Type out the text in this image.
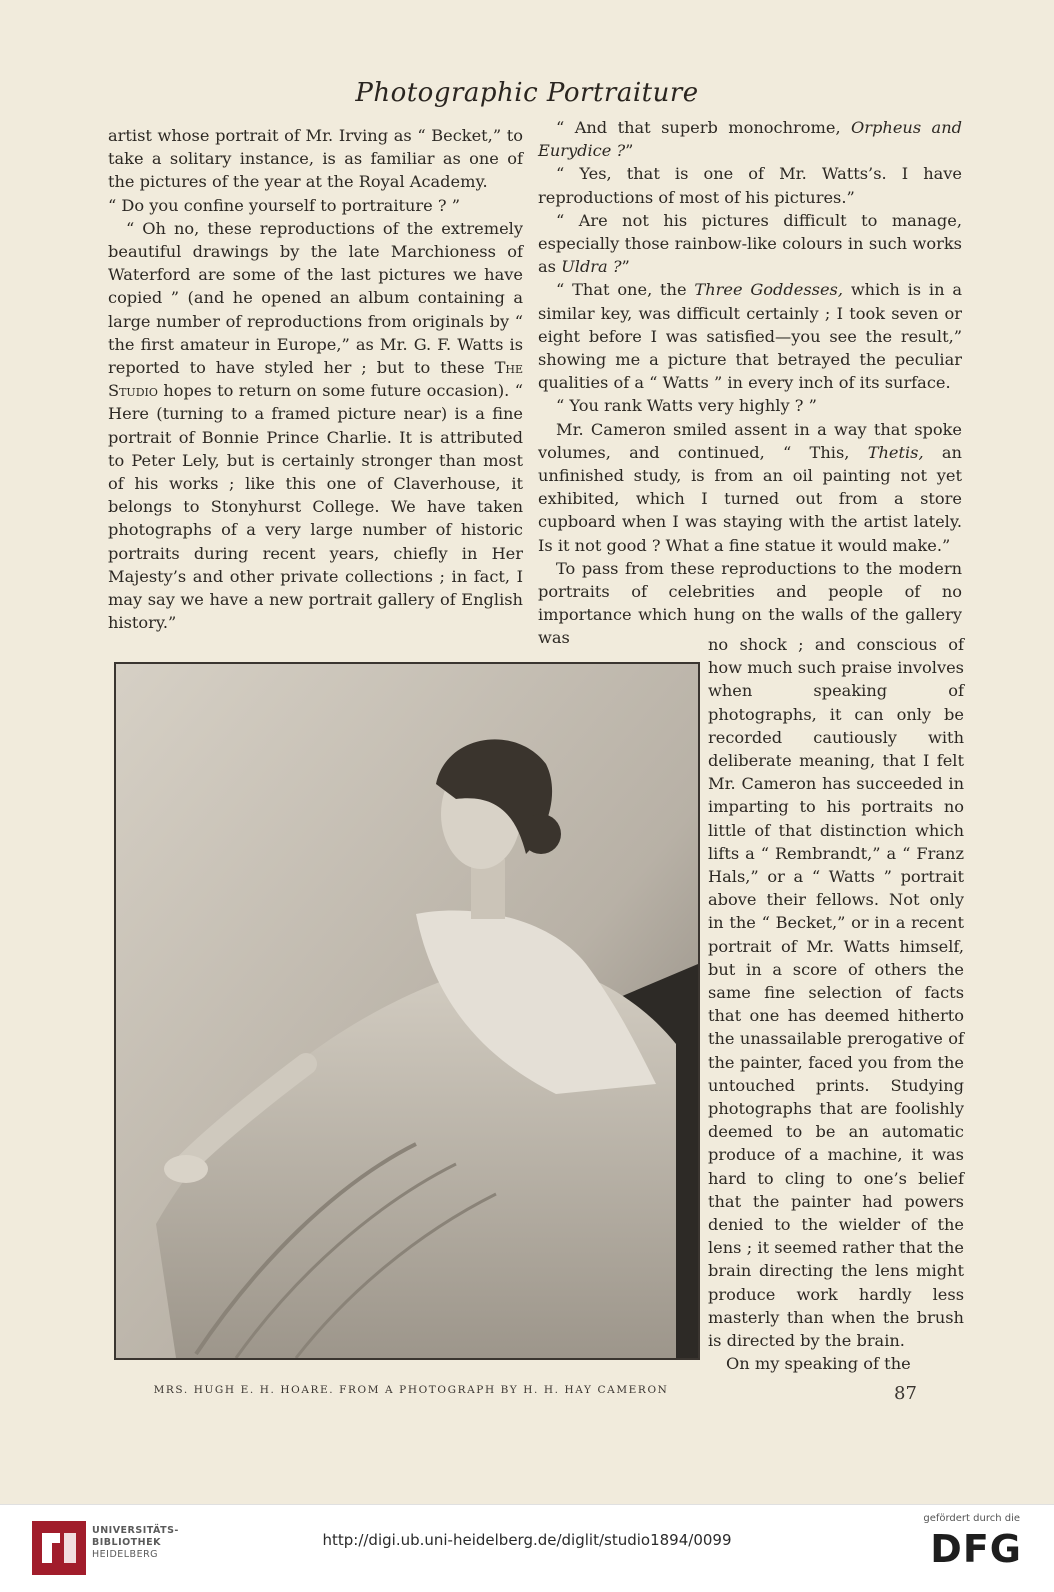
Photographic Portraiture

artist whose portrait of Mr. Irving as “ Becket,” to take a solitary instance, is as familiar as one of the pictures of the year at the Royal Academy.

“ Do you confine yourself to portraiture ? ”

“ Oh no, these reproductions of the extremely beautiful drawings by the late Marchioness of Waterford are some of the last pictures we have copied ” (and he opened an album containing a large number of reproductions from originals by “ the first amateur in Europe,” as Mr. G. F. Watts is reported to have styled her ; but to these The Studio hopes to return on some future occasion). “ Here (turning to a framed picture near) is a fine portrait of Bonnie Prince Charlie. It is attributed to Peter Lely, but is certainly stronger than most of his works ; like this one of Claverhouse, it belongs to Stonyhurst College. We have taken photographs of a very large number of historic portraits during recent years, chiefly in Her Majesty’s and other private collections ; in fact, I may say we have a new portrait gallery of English history.”

“ And that superb monochrome, Orpheus and Eurydice ?”

“ Yes, that is one of Mr. Watts’s. I have reproductions of most of his pictures.”

“ Are not his pictures difficult to manage, especially those rainbow-like colours in such works as Uldra ?”

“ That one, the Three Goddesses, which is in a similar key, was difficult certainly ; I took seven or eight before I was satisfied—you see the result,” showing me a picture that betrayed the peculiar qualities of a “ Watts ” in every inch of its surface.

“ You rank Watts very highly ? ”

Mr. Cameron smiled assent in a way that spoke volumes, and continued, “ This, Thetis, an unfinished study, is from an oil painting not yet exhibited, which I turned out from a store cupboard when I was staying with the artist lately. Is it not good ? What a fine statue it would make.”

To pass from these reproductions to the modern portraits of celebrities and people of no importance which hung on the walls of the gallery was	no shock ; and conscious of how much such praise involves when speaking of photographs, it can only be recorded cautiously with deliberate meaning, that I felt Mr. Cameron has succeeded in imparting to his portraits no little of that distinction which lifts a “ Rembrandt,” a “ Franz Hals,” or a “ Watts ” portrait above their fellows. Not only in the “ Becket,” or in a recent portrait of Mr. Watts himself, but in a score of others the same fine selection of facts that one has deemed hitherto the unassailable prerogative of the painter, faced you from the untouched prints. Studying photographs that are foolishly deemed to be an automatic produce of a machine, it was hard to cling to one’s belief that the painter had powers denied to the wielder of the lens ; it seemed rather that the brain directing the lens might produce work hardly less masterly than when the brush is directed by the brain.

On my speaking of the

MRS. HUGH E. H. HOARE. FROM A PHOTOGRAPH BY H. H. HAY CAMERON	87
UNIVERSITÄTS-
BIBLIOTHEK
HEIDELBERG
http://digi.ub.uni-heidelberg.de/diglit/studio1894/0099
gefördert durch die
DFG
